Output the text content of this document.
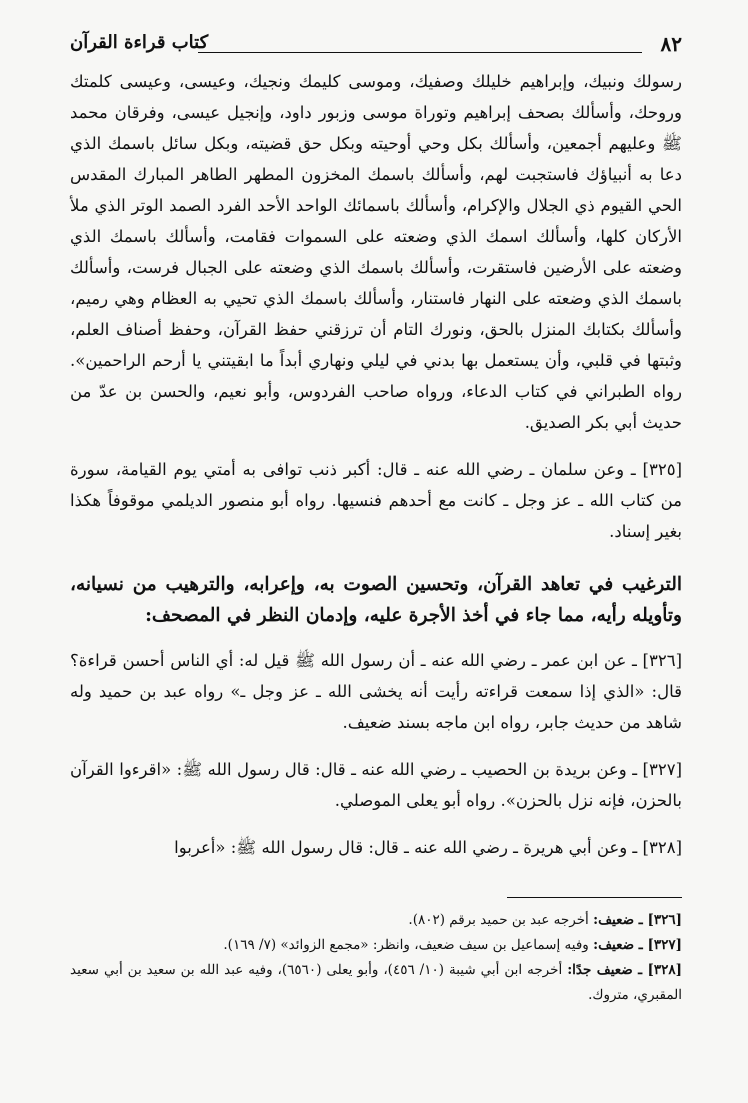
٨٢
كتاب قراءة القرآن

رسولك ونبيك، وإبراهيم خليلك وصفيك، وموسى كليمك ونجيك، وعيسى، وعيسى كلمتك وروحك، وأسألك بصحف إبراهيم وتوراة موسى وزبور داود، وإنجيل عيسى، وفرقان محمد ﷺ وعليهم أجمعين، وأسألك بكل وحي أوحيته وبكل حق قضيته، وبكل سائل باسمك الذي دعا به أنبياؤك فاستجبت لهم، وأسألك باسمك المخزون المطهر الطاهر المبارك المقدس الحي القيوم ذي الجلال والإكرام، وأسألك باسمائك الواحد الأحد الفرد الصمد الوتر الذي ملأ الأركان كلها، وأسألك اسمك الذي وضعته على السموات فقامت، وأسألك باسمك الذي وضعته على الأرضين فاستقرت، وأسألك باسمك الذي وضعته على الجبال فرست، وأسألك باسمك الذي وضعته على النهار فاستنار، وأسألك باسمك الذي تحيي به العظام وهي رميم، وأسألك بكتابك المنزل بالحق، ونورك التام أن ترزقني حفظ القرآن، وحفظ أصناف العلم، وثبتها في قلبي، وأن يستعمل بها بدني في ليلي ونهاري أبداً ما ابقيتني يا أرحم الراحمين». رواه الطبراني في كتاب الدعاء، ورواه صاحب الفردوس، وأبو نعيم، والحسن بن عدّ من حديث أبي بكر الصديق.

[٣٢٥] ـ وعن سلمان ـ رضي الله عنه ـ قال: أكبر ذنب توافى به أمتي يوم القيامة، سورة من كتاب الله ـ عز وجل ـ كانت مع أحدهم فنسيها. رواه أبو منصور الديلمي موقوفاً هكذا بغير إسناد.

الترغيب في تعاهد القرآن، وتحسين الصوت به، وإعرابه، والترهيب من نسيانه، وتأويله رأيه، مما جاء في أخذ الأجرة عليه، وإدمان النظر في المصحف:

[٣٢٦] ـ عن ابن عمر ـ رضي الله عنه ـ أن رسول الله ﷺ قيل له: أي الناس أحسن قراءة؟ قال: «الذي إذا سمعت قراءته رأيت أنه يخشى الله ـ عز وجل ـ» رواه عبد بن حميد وله شاهد من حديث جابر، رواه ابن ماجه بسند ضعيف.

[٣٢٧] ـ وعن بريدة بن الحصيب ـ رضي الله عنه ـ قال: قال رسول الله ﷺ: «اقرءوا القرآن بالحزن، فإنه نزل بالحزن». رواه أبو يعلى الموصلي.

[٣٢٨] ـ وعن أبي هريرة ـ رضي الله عنه ـ قال: قال رسول الله ﷺ: «أعربوا

[٣٢٦] ـ ضعيف: أخرجه عبد بن حميد برقم (٨٠٢).

[٣٢٧] ـ ضعيف: وفيه إسماعيل بن سيف ضعيف، وانظر: «مجمع الزوائد» (٧/ ١٦٩).

[٣٢٨] ـ ضعيف جدًا: أخرجه ابن أبي شيبة (١٠/ ٤٥٦)، وأبو يعلى (٦٥٦٠)، وفيه عبد الله بن سعيد بن أبي سعيد المقبري، متروك.
